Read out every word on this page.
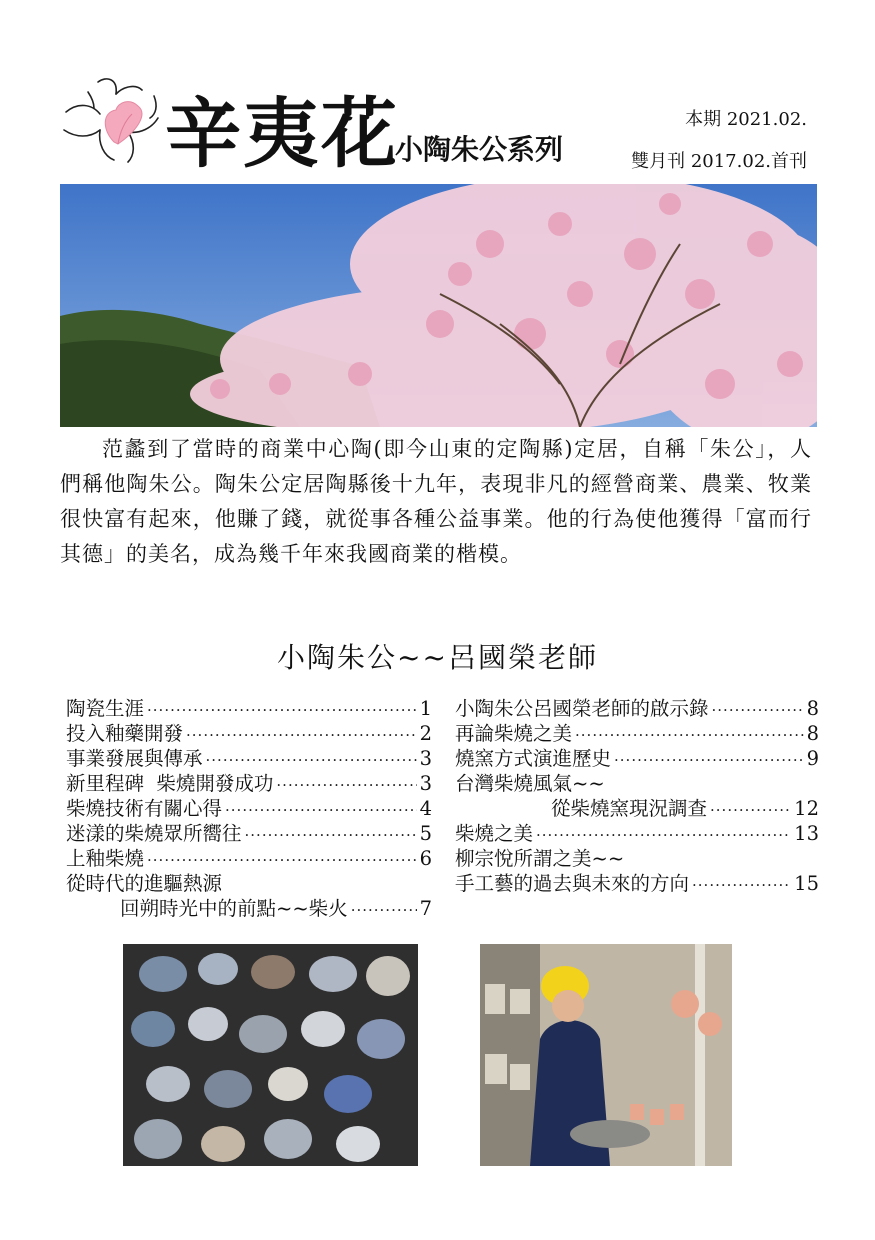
辛夷花
小陶朱公系列
本期 2021.02.
雙月刊 2017.02.首刊

范蠡到了當時的商業中心陶(即今山東的定陶縣)定居，自稱「朱公」，人們稱他陶朱公。陶朱公定居陶縣後十九年，表現非凡的經營商業、農業、牧業很快富有起來，他賺了錢，就從事各種公益事業。他的行為使他獲得「富而行其德」的美名，成為幾千年來我國商業的楷模。

小陶朱公~~呂國榮老師
陶瓷生涯 ·····	1
投入釉藥開發 ·····	2
事業發展與傳承 ·····	3
新里程碑  柴燒開發成功 ·····	3
柴燒技術有關心得 ·····	4
迷漾的柴燒眾所嚮往 ·····	5
上釉柴燒 ·····	6
從時代的進驅熱源
回朔時光中的前點~~柴火 ·····	7
小陶朱公呂國榮老師的啟示錄 ·····	8
再論柴燒之美 ·····	8
燒窯方式演進歷史 ·····	9
台灣柴燒風氣~~
從柴燒窯現況調查 ·····	12
柴燒之美 ·····	13
柳宗悅所謂之美~~
手工藝的過去與未來的方向 ·····	15
